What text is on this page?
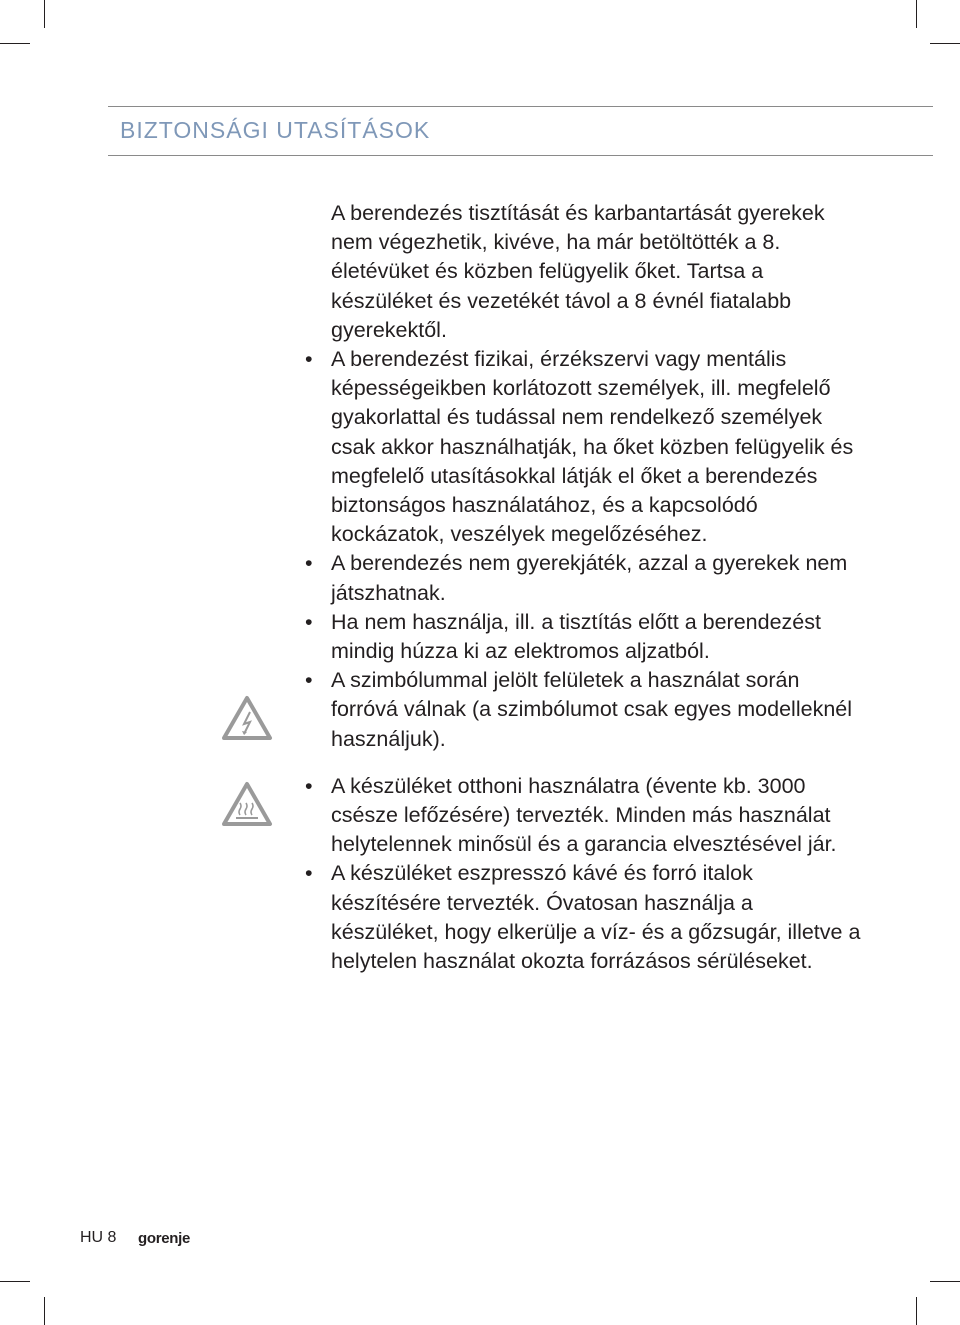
BIZTONSÁGI UTASÍTÁSOK

A berendezés tisztítását és karbantartását gyerekek nem végezhetik, kivéve, ha már betöltötték a 8. életévüket és közben felügyelik őket. Tartsa a készüléket és vezetékét távol a 8 évnél fiatalabb gyerekektől.

• A berendezést fizikai, érzékszervi vagy mentális képességeikben korlátozott személyek, ill. megfelelő gyakorlattal és tudással nem rendelkező személyek csak akkor használhatják, ha őket közben felügyelik és megfelelő utasításokkal látják el őket a berendezés biztonságos használatához, és a kapcsolódó kockázatok, veszélyek megelőzéséhez.
• A berendezés nem gyerekjáték, azzal a gyerekek nem játszhatnak.
• Ha nem használja, ill. a tisztítás előtt a berendezést mindig húzza ki az elektromos aljzatból.
• A szimbólummal jelölt felületek a használat során forróvá válnak (a szimbólumot csak egyes modelleknél használjuk).
• A készüléket otthoni használatra (évente kb. 3000 csésze lefőzésére) tervezték. Minden más használat helytelennek minősül és a garancia elvesztésével jár.
• A készüléket eszpresszó kávé és forró italok készítésére tervezték. Óvatosan használja a készüléket, hogy elkerülje a víz- és a gőzsugár, illetve a helytelen használat okozta forrázásos sérüléseket.
HU 8 gorenje
